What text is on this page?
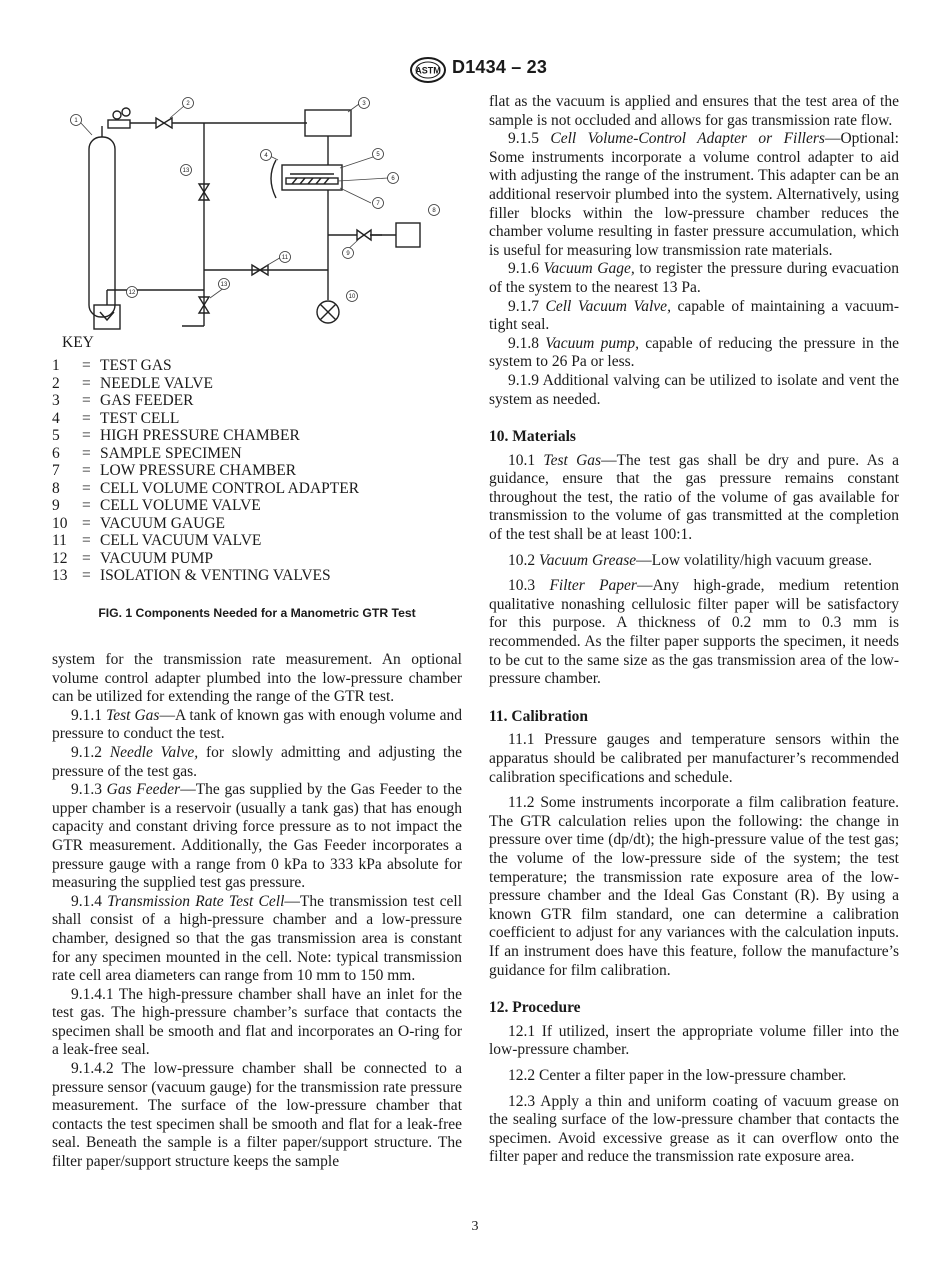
ASTM D1434 – 23
1
2	3
4	5
6
7
8
9
10
11
12
13
13
KEY
1 = TEST GAS
2 = NEEDLE VALVE
3 = GAS FEEDER
4 = TEST CELL
5 = HIGH PRESSURE CHAMBER
6 = SAMPLE SPECIMEN
7 = LOW PRESSURE CHAMBER
8 = CELL VOLUME CONTROL ADAPTER
9 = CELL VOLUME VALVE
10 = VACUUM GAUGE
11 = CELL VACUUM VALVE
12 = VACUUM PUMP
13 = ISOLATION & VENTING VALVES
FIG. 1 Components Needed for a Manometric GTR Test

system for the transmission rate measurement. An optional volume control adapter plumbed into the low-pressure chamber can be utilized for extending the range of the GTR test.

9.1.1 Test Gas—A tank of known gas with enough volume and pressure to conduct the test.

9.1.2 Needle Valve, for slowly admitting and adjusting the pressure of the test gas.

9.1.3 Gas Feeder—The gas supplied by the Gas Feeder to the upper chamber is a reservoir (usually a tank gas) that has enough capacity and constant driving force pressure as to not impact the GTR measurement. Additionally, the Gas Feeder incorporates a pressure gauge with a range from 0 kPa to 333 kPa absolute for measuring the supplied test gas pressure.

9.1.4 Transmission Rate Test Cell—The transmission test cell shall consist of a high-pressure chamber and a low-pressure chamber, designed so that the gas transmission area is constant for any specimen mounted in the cell. Note: typical transmission rate cell area diameters can range from 10 mm to 150 mm.

9.1.4.1 The high-pressure chamber shall have an inlet for the test gas. The high-pressure chamber’s surface that contacts the specimen shall be smooth and flat and incorporates an O-ring for a leak-free seal.

9.1.4.2 The low-pressure chamber shall be connected to a pressure sensor (vacuum gauge) for the transmission rate pressure measurement. The surface of the low-pressure chamber that contacts the test specimen shall be smooth and flat for a leak-free seal. Beneath the sample is a filter paper/support structure. The filter paper/support structure keeps the sample

flat as the vacuum is applied and ensures that the test area of the sample is not occluded and allows for gas transmission rate flow.

9.1.5 Cell Volume-Control Adapter or Fillers—Optional: Some instruments incorporate a volume control adapter to aid with adjusting the range of the instrument. This adapter can be an additional reservoir plumbed into the system. Alternatively, using filler blocks within the low-pressure chamber reduces the chamber volume resulting in faster pressure accumulation, which is useful for measuring low transmission rate materials.

9.1.6 Vacuum Gage, to register the pressure during evacuation of the system to the nearest 13 Pa.

9.1.7 Cell Vacuum Valve, capable of maintaining a vacuum-tight seal.

9.1.8 Vacuum pump, capable of reducing the pressure in the system to 26 Pa or less.

9.1.9 Additional valving can be utilized to isolate and vent the system as needed.

10. Materials

10.1 Test Gas—The test gas shall be dry and pure. As a guidance, ensure that the gas pressure remains constant throughout the test, the ratio of the volume of gas available for transmission to the volume of gas transmitted at the completion of the test shall be at least 100:1.

10.2 Vacuum Grease—Low volatility/high vacuum grease.

10.3 Filter Paper—Any high-grade, medium retention qualitative nonashing cellulosic filter paper will be satisfactory for this purpose. A thickness of 0.2 mm to 0.3 mm is recommended. As the filter paper supports the specimen, it needs to be cut to the same size as the gas transmission area of the low-pressure chamber.

11. Calibration

11.1 Pressure gauges and temperature sensors within the apparatus should be calibrated per manufacturer’s recommended calibration specifications and schedule.

11.2 Some instruments incorporate a film calibration feature. The GTR calculation relies upon the following: the change in pressure over time (dp/dt); the high-pressure value of the test gas; the volume of the low-pressure side of the system; the test temperature; the transmission rate exposure area of the low-pressure chamber and the Ideal Gas Constant (R). By using a known GTR film standard, one can determine a calibration coefficient to adjust for any variances with the calculation inputs. If an instrument does have this feature, follow the manufacture’s guidance for film calibration.

12. Procedure

12.1 If utilized, insert the appropriate volume filler into the low-pressure chamber.

12.2 Center a filter paper in the low-pressure chamber.

12.3 Apply a thin and uniform coating of vacuum grease on the sealing surface of the low-pressure chamber that contacts the specimen. Avoid excessive grease as it can overflow onto the filter paper and reduce the transmission rate exposure area.

3
